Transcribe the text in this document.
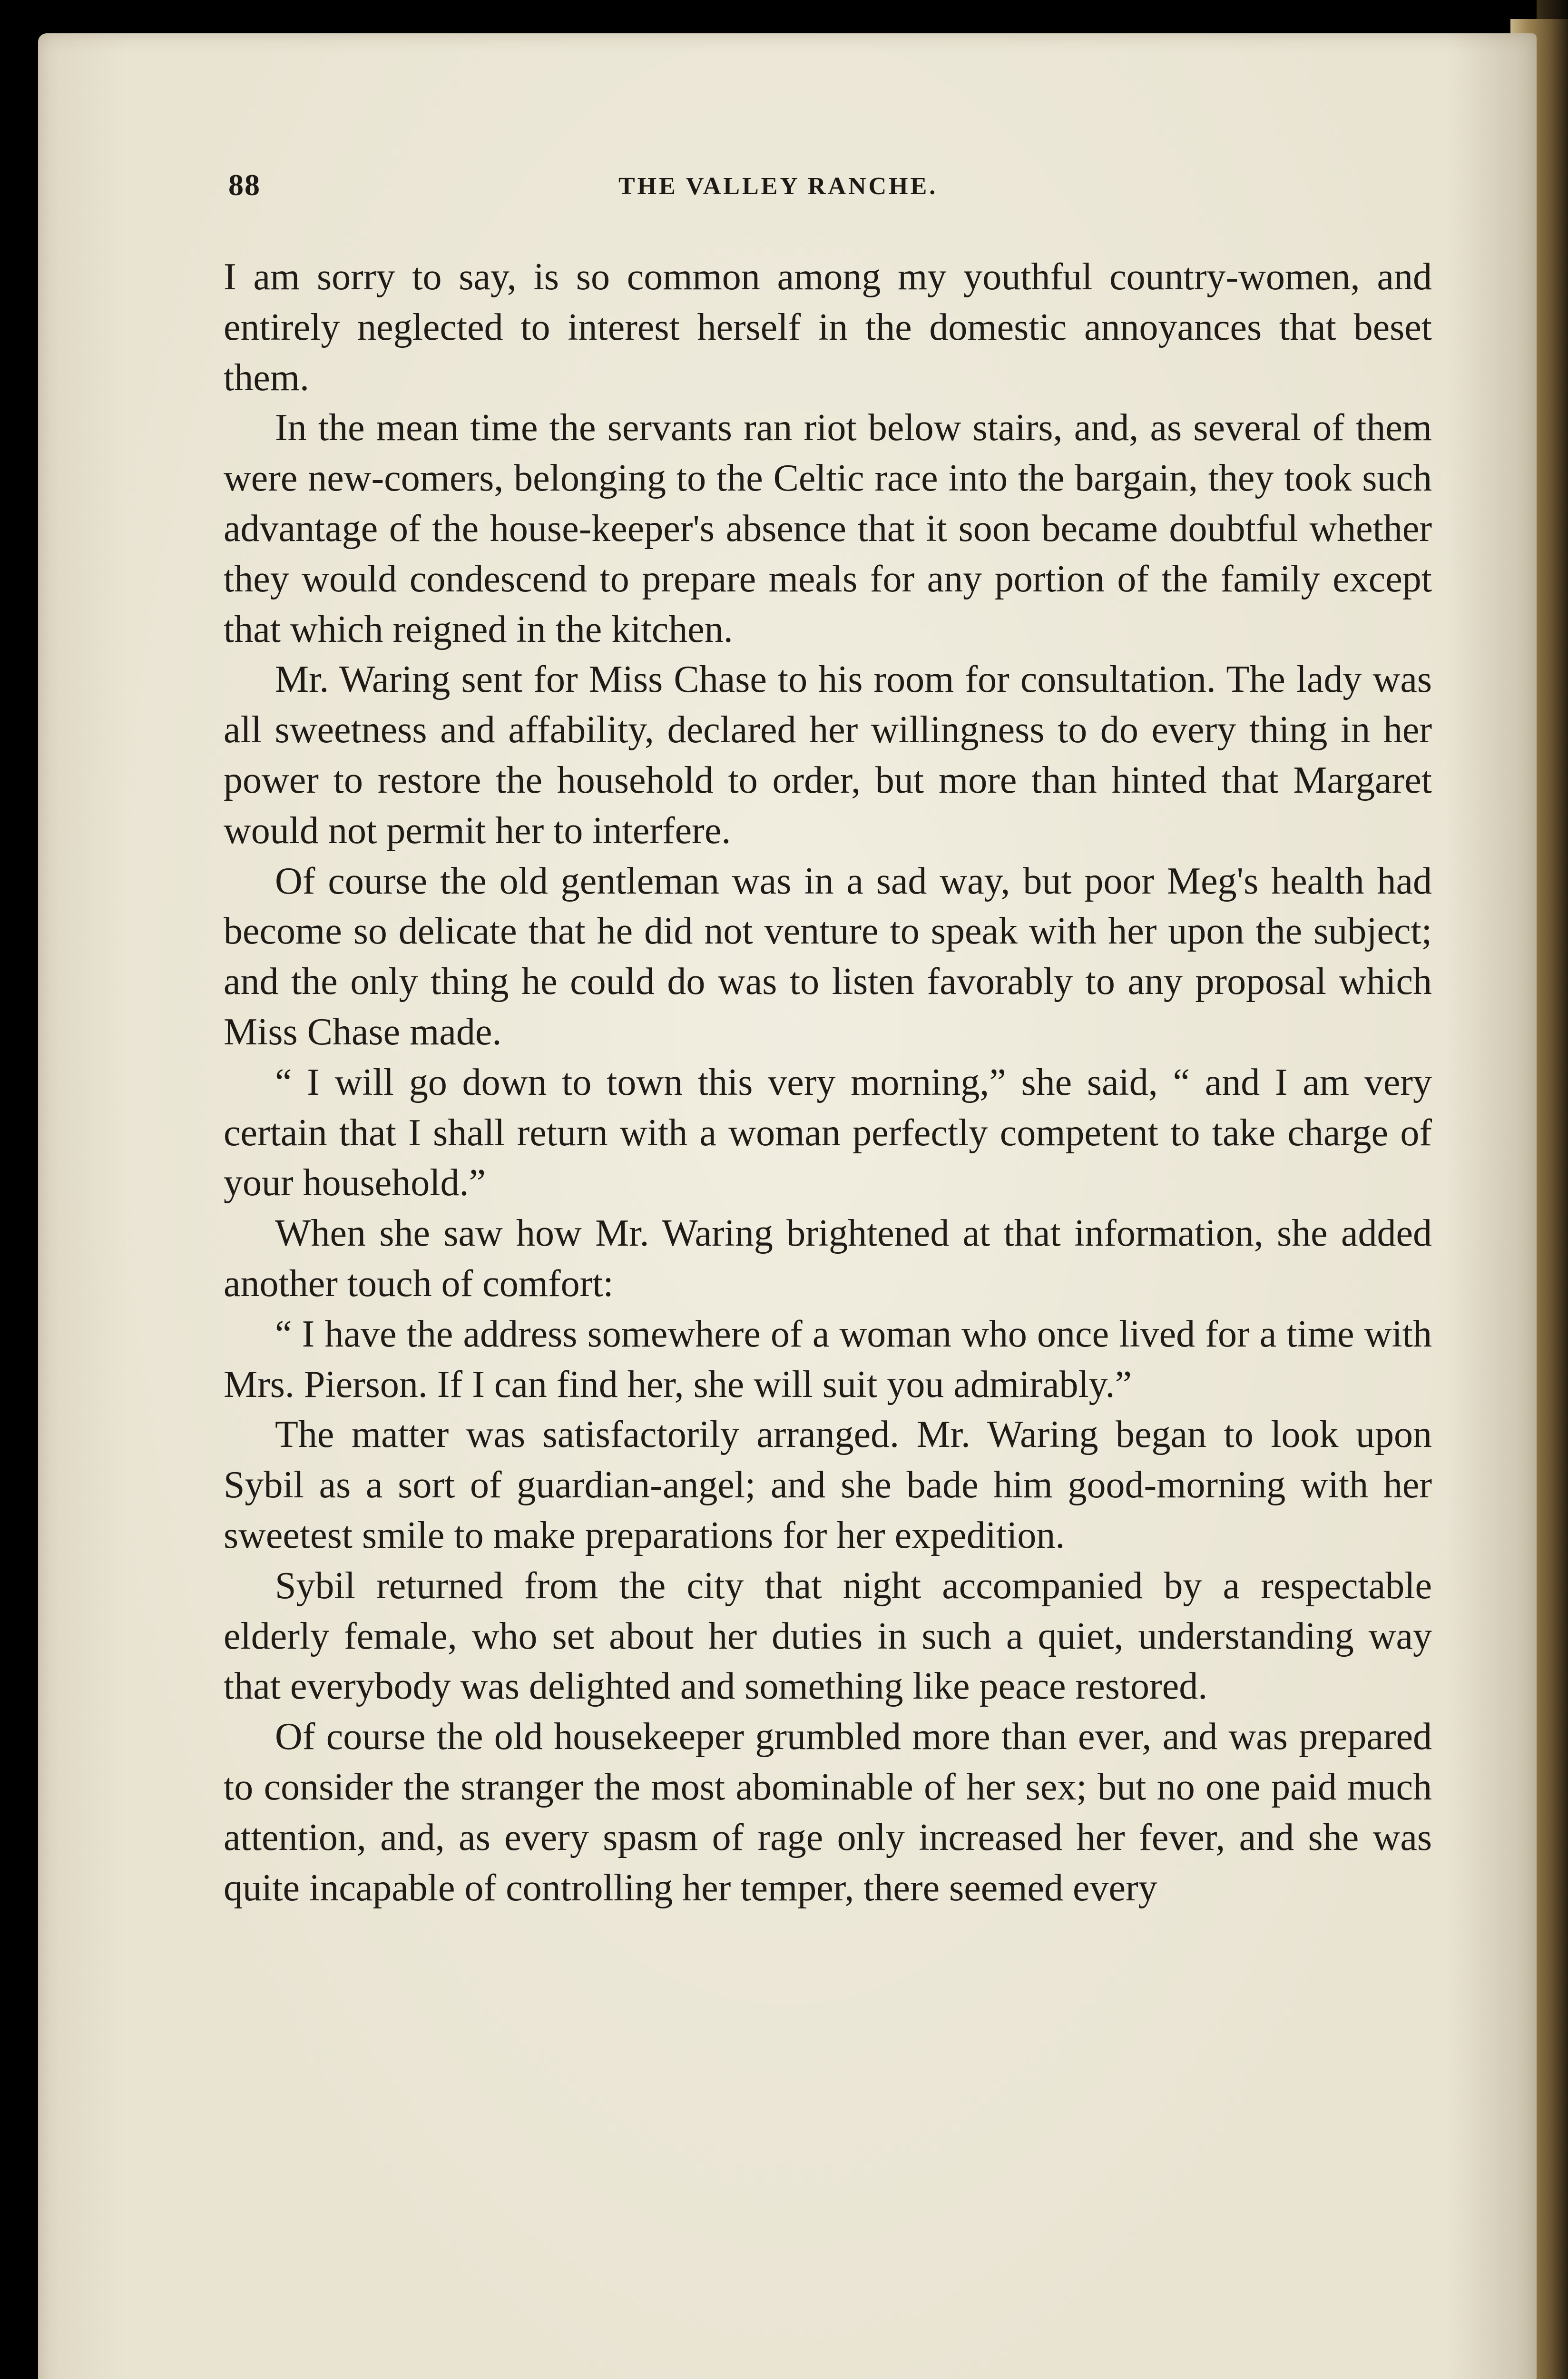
88	THE VALLEY RANCHE.

I am sorry to say, is so common among my youthful country-women, and entirely neglected to interest herself in the domestic annoyances that beset them.

In the mean time the servants ran riot below stairs, and, as several of them were new-comers, belonging to the Celtic race into the bargain, they took such advantage of the house-keeper's absence that it soon became doubtful whether they would condescend to prepare meals for any portion of the family except that which reigned in the kitchen.

Mr. Waring sent for Miss Chase to his room for consultation. The lady was all sweetness and affability, declared her willingness to do every thing in her power to restore the household to order, but more than hinted that Margaret would not permit her to interfere.

Of course the old gentleman was in a sad way, but poor Meg's health had become so delicate that he did not venture to speak with her upon the subject; and the only thing he could do was to listen favorably to any proposal which Miss Chase made.

“ I will go down to town this very morning,” she said, “ and I am very certain that I shall return with a woman perfectly competent to take charge of your household.”

When she saw how Mr. Waring brightened at that information, she added another touch of comfort:

“ I have the address somewhere of a woman who once lived for a time with Mrs. Pierson. If I can find her, she will suit you admirably.”

The matter was satisfactorily arranged. Mr. Waring began to look upon Sybil as a sort of guardian-angel; and she bade him good-morning with her sweetest smile to make preparations for her expedition.

Sybil returned from the city that night accompanied by a respectable elderly female, who set about her duties in such a quiet, understanding way that everybody was delighted and something like peace restored.

Of course the old housekeeper grumbled more than ever, and was prepared to consider the stranger the most abominable of her sex; but no one paid much attention, and, as every spasm of rage only increased her fever, and she was quite incapable of controlling her temper, there seemed every
